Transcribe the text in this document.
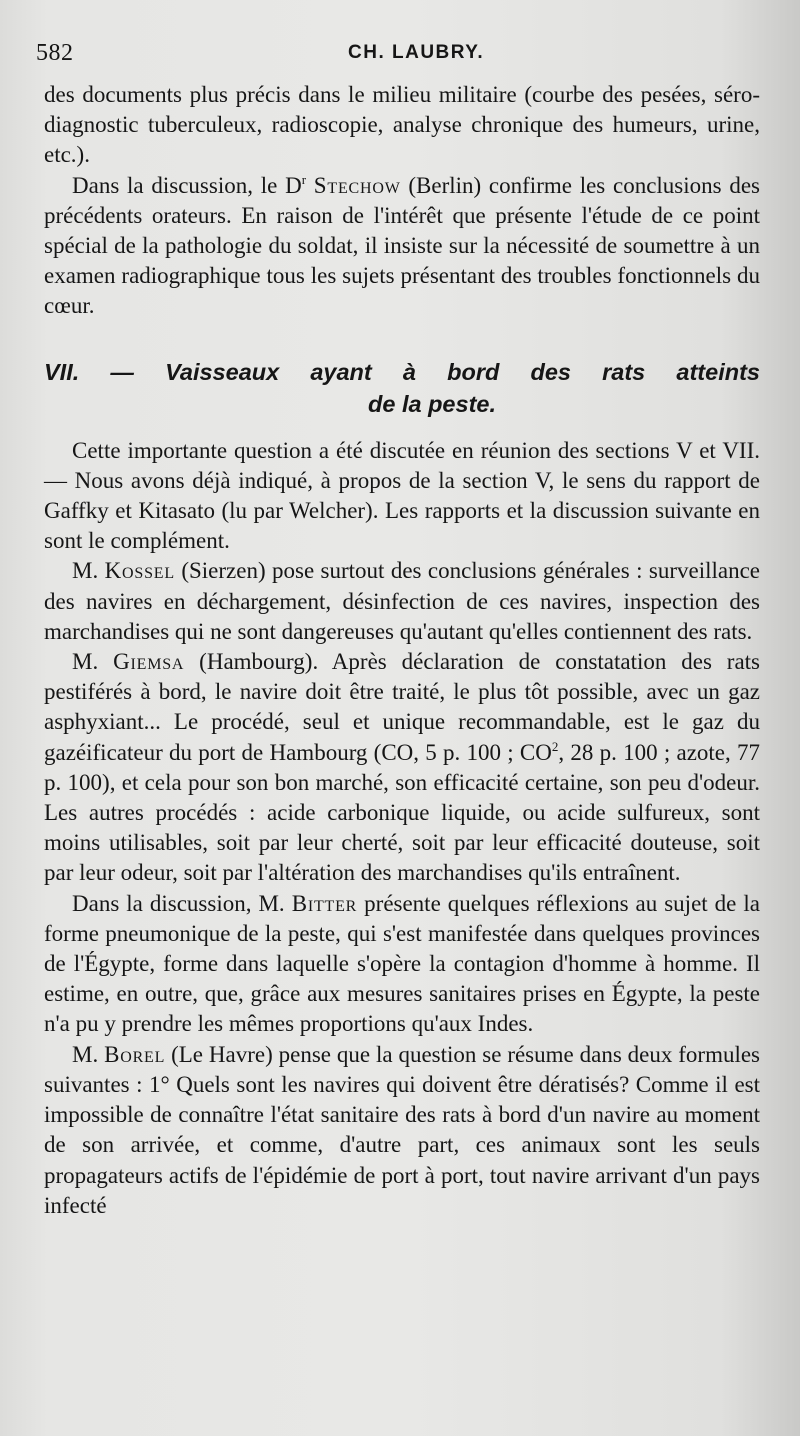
582	CH. LAUBRY.

des documents plus précis dans le milieu militaire (courbe des pesées, séro-diagnostic tuberculeux, radioscopie, analyse chronique des humeurs, urine, etc.).

Dans la discussion, le $D^r$ Stechow (Berlin) confirme les conclusions des précédents orateurs. En raison de l'intérêt que présente l'étude de ce point spécial de la pathologie du soldat, il insiste sur la nécessité de soumettre à un examen radiographique tous les sujets présentant des troubles fonctionnels du cœur.

VII. — Vaisseaux ayant à bord des rats atteints
de la peste.

Cette importante question a été discutée en réunion des sections V et VII. — Nous avons déjà indiqué, à propos de la section V, le sens du rapport de Gaffky et Kitasato (lu par Welcher). Les rapports et la discussion suivante en sont le complément.

M. Kossel (Sierzen) pose surtout des conclusions générales : surveillance des navires en déchargement, désinfection de ces navires, inspection des marchandises qui ne sont dangereuses qu'autant qu'elles contiennent des rats.

M. Giemsa (Hambourg). Après déclaration de constatation des rats pestiférés à bord, le navire doit être traité, le plus tôt possible, avec un gaz asphyxiant... Le procédé, seul et unique recommandable, est le gaz du gazéificateur du port de Hambourg (CO, 5 p. 100 ; $CO^2$, 28 p. 100 ; azote, 77 p. 100), et cela pour son bon marché, son efficacité certaine, son peu d'odeur. Les autres procédés : acide carbonique liquide, ou acide sulfureux, sont moins utilisables, soit par leur cherté, soit par leur efficacité douteuse, soit par leur odeur, soit par l'altération des marchandises qu'ils entraînent.

Dans la discussion, M. Bitter présente quelques réflexions au sujet de la forme pneumonique de la peste, qui s'est manifestée dans quelques provinces de l'Égypte, forme dans laquelle s'opère la contagion d'homme à homme. Il estime, en outre, que, grâce aux mesures sanitaires prises en Égypte, la peste n'a pu y prendre les mêmes proportions qu'aux Indes.

M. Borel (Le Havre) pense que la question se résume dans deux formules suivantes : 1° Quels sont les navires qui doivent être dératisés? Comme il est impossible de connaître l'état sanitaire des rats à bord d'un navire au moment de son arrivée, et comme, d'autre part, ces animaux sont les seuls propagateurs actifs de l'épidémie de port à port, tout navire arrivant d'un pays infecté
